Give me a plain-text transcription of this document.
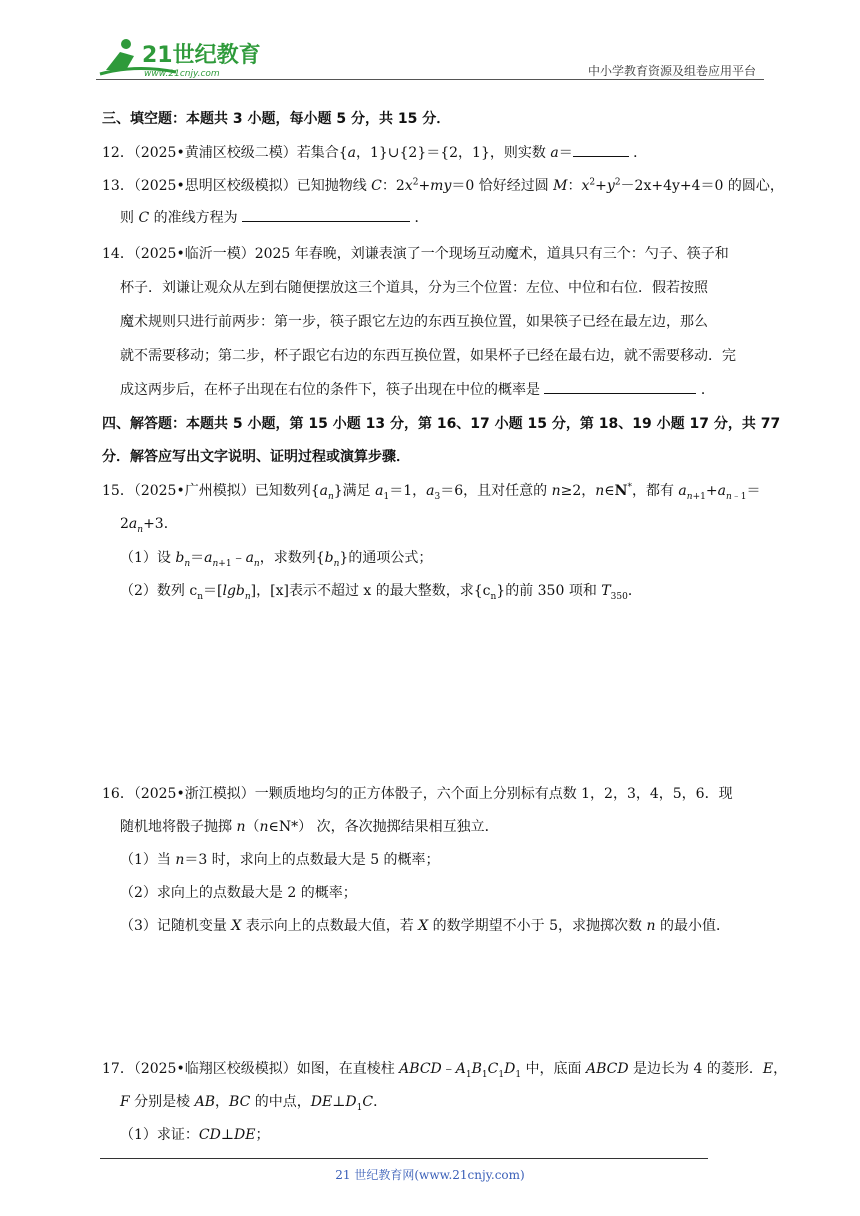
21世纪教育
www.21cnjy.com	中小学教育资源及组卷应用平台
三、填空题：本题共 3 小题，每小题 5 分，共 15 分．
12．（2025•黄浦区校级二模）若集合{a，1}∪{2}＝{2，1}，则实数 a＝	．
13．（2025•思明区校级模拟）已知抛物线 C：$2x^2+my=0$ 恰好经过圆 M：$x^2+y^2-2x+4y+4=0$ 的圆心，
则 C 的准线方程为	．
14．（2025•临沂一模）2025 年春晚，刘谦表演了一个现场互动魔术，道具只有三个：勺子、筷子和
杯子．刘谦让观众从左到右随便摆放这三个道具，分为三个位置：左位、中位和右位．假若按照
魔术规则只进行前两步：第一步，筷子跟它左边的东西互换位置，如果筷子已经在最左边，那么
就不需要移动；第二步，杯子跟它右边的东西互换位置，如果杯子已经在最右边，就不需要移动．完
成这两步后，在杯子出现在右位的条件下，筷子出现在中位的概率是	．
四、解答题：本题共 5 小题，第 15 小题 13 分，第 16、17 小题 15 分，第 18、19 小题 17 分，共 77
分．解答应写出文字说明、证明过程或演算步骤．
15．（2025•广州模拟）已知数列$\{a_n\}$满足 $a_1=1$，$a_3=6$，且对任意的 n≥2，n∈N*，都有 $a_{n+1}+a_{n﹣1}=$
$2a_n+3$．
（1）设 $b_n=a_{n+1}﹣a_n$，求数列$\{b_n\}$的通项公式；
（2）数列 $c_n=[\lg b_n]$，[x]表示不超过 x 的最大整数，求$\{c_n\}$的前 350 项和 $T_{350}$．
16．（2025•浙江模拟）一颗质地均匀的正方体骰子，六个面上分别标有点数 1，2，3，4，5，6．现
随机地将骰子抛掷 n（n∈N*） 次，各次抛掷结果相互独立．
（1）当 n＝3 时，求向上的点数最大是 5 的概率；
（2）求向上的点数最大是 2 的概率；
（3）记随机变量 X 表示向上的点数最大值，若 X 的数学期望不小于 5，求抛掷次数 n 的最小值．
17．（2025•临翔区校级模拟）如图，在直棱柱 $ABCD﹣A_1B_1C_1D_1$ 中，底面 ABCD 是边长为 4 的菱形．E，
F 分别是棱 AB，BC 的中点，$DE\perp D_1C$．
（1）求证：CD⊥DE；
21 世纪教育网(www.21cnjy.com)
